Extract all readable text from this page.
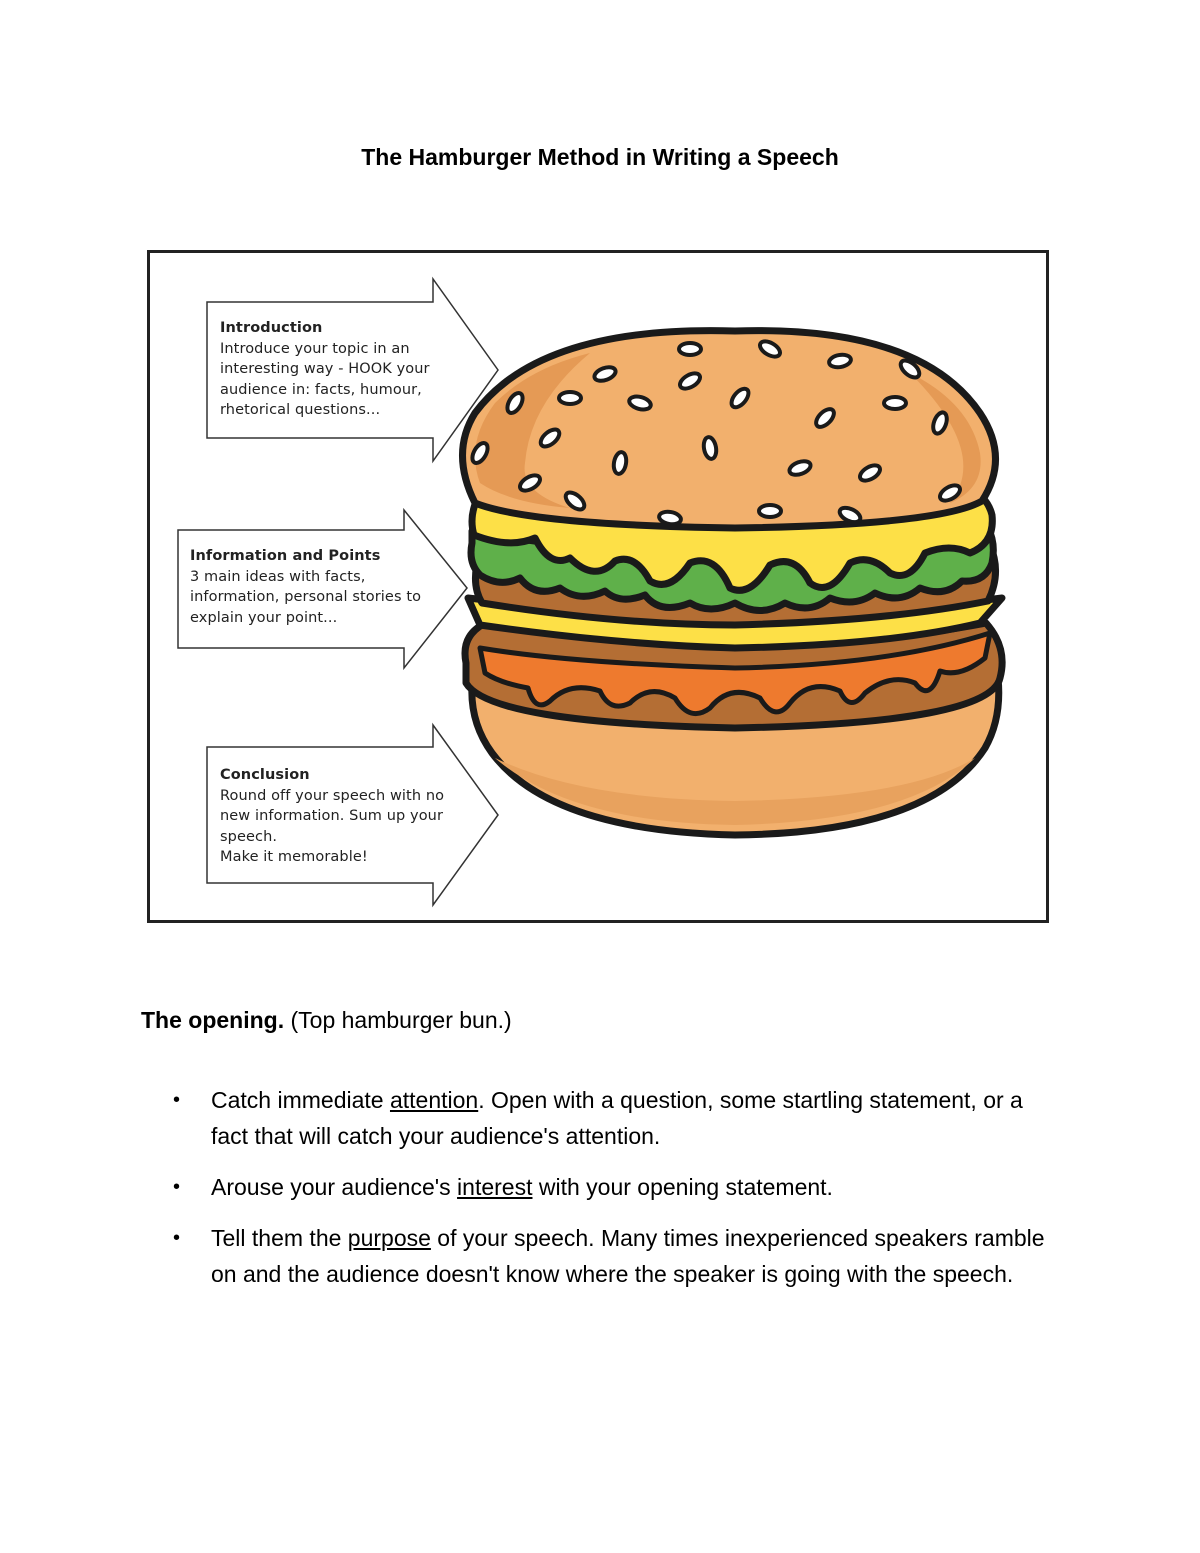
The Hamburger Method in Writing a Speech
Introduction
Introduce your topic in an
interesting way - HOOK your
audience in: facts, humour,
rhetorical questions...
Information and Points
3 main ideas with facts,
information, personal stories to
explain your point...
Conclusion
Round off your speech with no
new information. Sum up your
speech.
Make it memorable!
The opening. (Top hamburger bun.)
• Catch immediate attention. Open with a question, some startling statement, or a fact that will catch your audience's attention.
• Arouse your audience's interest with your opening statement.
• Tell them the purpose of your speech. Many times inexperienced speakers ramble on and the audience doesn't know where the speaker is going with the speech.
